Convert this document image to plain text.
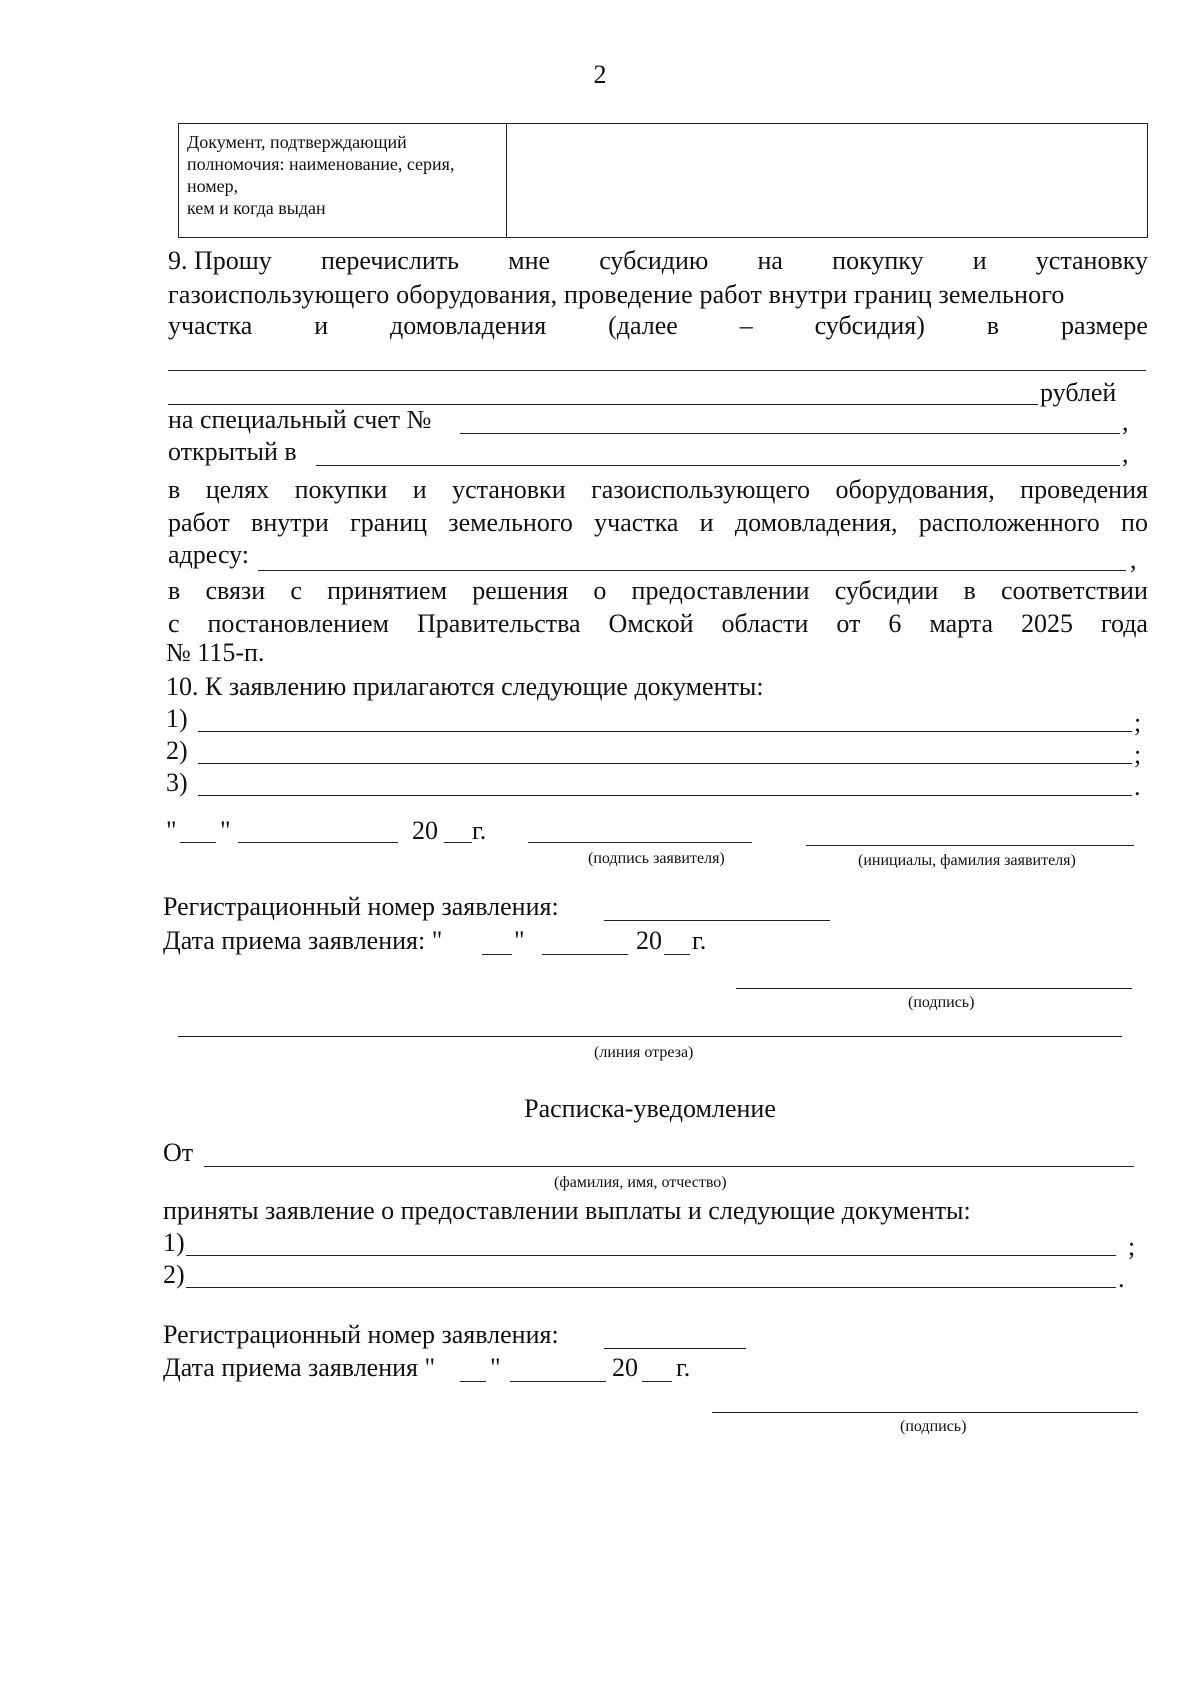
2
Документ, подтверждающий
полномочия: наименование, серия,
номер,
кем и когда выдан
9. Прошу перечислить мне субсидию на покупку и установку
газоиспользующего оборудования, проведение работ внутри границ земельного
участка и домовладения (далее – субсидия) в размере
рублей
на специальный счет №	,
открытый в	,
в целях покупки и установки газоиспользующего оборудования, проведения
работ внутри границ земельного участка и домовладения, расположенного по
адресу:	,
в связи с принятием решения о предоставлении субсидии в соответствии
с постановлением Правительства Омской области от 6 марта 2025 года
№ 115-п.
10. К заявлению прилагаются следующие документы:
1)	;
2)	;
3)	.
" "	20 г.
(подпись заявителя)	(инициалы, фамилия заявителя)
Регистрационный номер заявления:
Дата приема заявления: "	"	20 г.
(подпись)
(линия отреза)
Расписка-уведомление
От
(фамилия, имя, отчество)
приняты заявление о предоставлении выплаты и следующие документы:
1)	;
2)	.
Регистрационный номер заявления:
Дата приема заявления " "	20 г.
(подпись)
